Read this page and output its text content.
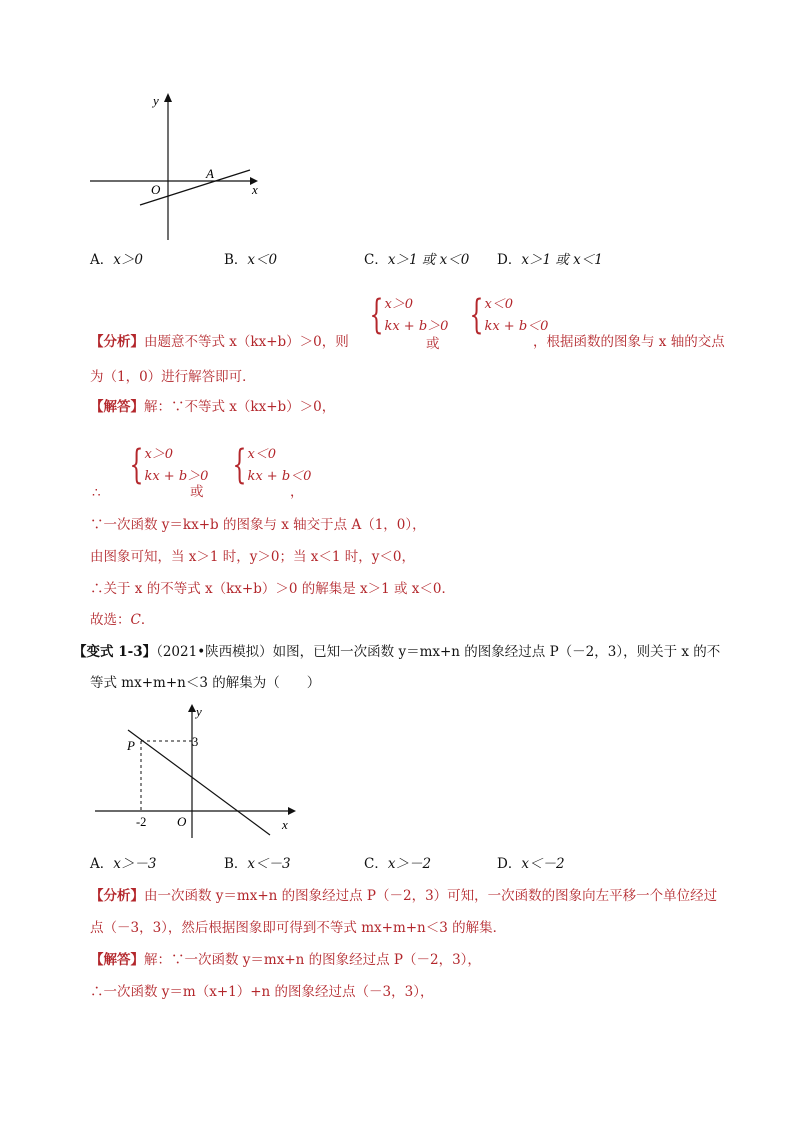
y
x
O
A
A．x＞0	B．x＜0	C．x＞1 或 x＜0 D．x＞1 或 x＜1
【分析】由题意不等式 x（kx+b）＞0，则
{ x＞0
kx + b＞0
或
{ x＜0
kx + b＜0
，根据函数的图象与 x 轴的交点
为（1，0）进行解答即可．
【解答】解：∵不等式 x（kx+b）＞0，
∴
{ x＞0
kx + b＞0
或
{ x＜0
kx + b＜0
，
∵一次函数 y＝kx+b 的图象与 x 轴交于点 A（1，0），
由图象可知，当 x＞1 时，y＞0；当 x＜1 时，y＜0，
∴关于 x 的不等式 x（kx+b）＞0 的解集是 x＞1 或 x＜0．
故选：C．
【变式 1-3】（2021•陕西模拟）如图，已知一次函数 y＝mx+n 的图象经过点 P（－2，3），则关于 x 的不
等式 mx+m+n＜3 的解集为（　　）
y
x
O
P	3
-2
A．x＞－3	B．x＜－3	C．x＞－2	D．x＜－2
【分析】由一次函数 y＝mx+n 的图象经过点 P（－2，3）可知，一次函数的图象向左平移一个单位经过
点（－3，3），然后根据图象即可得到不等式 mx+m+n＜3 的解集．
【解答】解：∵一次函数 y＝mx+n 的图象经过点 P（－2，3），
∴一次函数 y＝m（x+1）+n 的图象经过点（－3，3），
